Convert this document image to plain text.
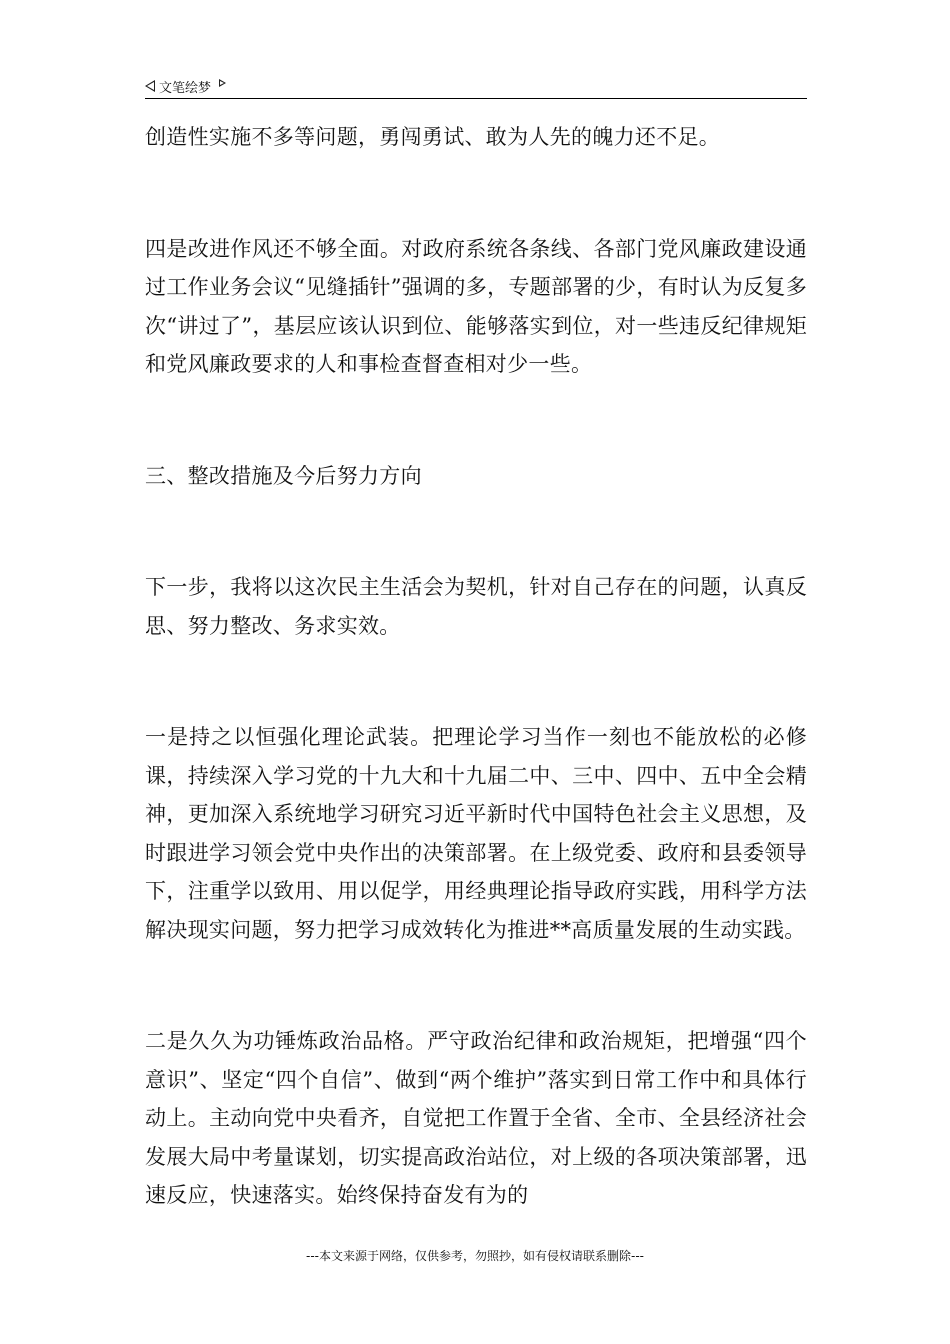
文笔绘梦

创造性实施不多等问题，勇闯勇试、敢为人先的魄力还不足。

四是改进作风还不够全面。对政府系统各条线、各部门党风廉政建设通过工作业务会议“见缝插针”强调的多，专题部署的少，有时认为反复多次“讲过了”，基层应该认识到位、能够落实到位，对一些违反纪律规矩和党风廉政要求的人和事检查督查相对少一些。

三、整改措施及今后努力方向

下一步，我将以这次民主生活会为契机，针对自己存在的问题，认真反思、努力整改、务求实效。

一是持之以恒强化理论武装。把理论学习当作一刻也不能放松的必修课，持续深入学习党的十九大和十九届二中、三中、四中、五中全会精神，更加深入系统地学习研究习近平新时代中国特色社会主义思想，及时跟进学习领会党中央作出的决策部署。在上级党委、政府和县委领导下，注重学以致用、用以促学，用经典理论指导政府实践，用科学方法解决现实问题，努力把学习成效转化为推进**高质量发展的生动实践。

二是久久为功锤炼政治品格。严守政治纪律和政治规矩，把增强“四个意识”、坚定“四个自信”、做到“两个维护”落实到日常工作中和具体行动上。主动向党中央看齐，自觉把工作置于全省、全市、全县经济社会发展大局中考量谋划，切实提高政治站位，对上级的各项决策部署，迅速反应，快速落实。始终保持奋发有为的

---本文来源于网络，仅供参考，勿照抄，如有侵权请联系删除---
